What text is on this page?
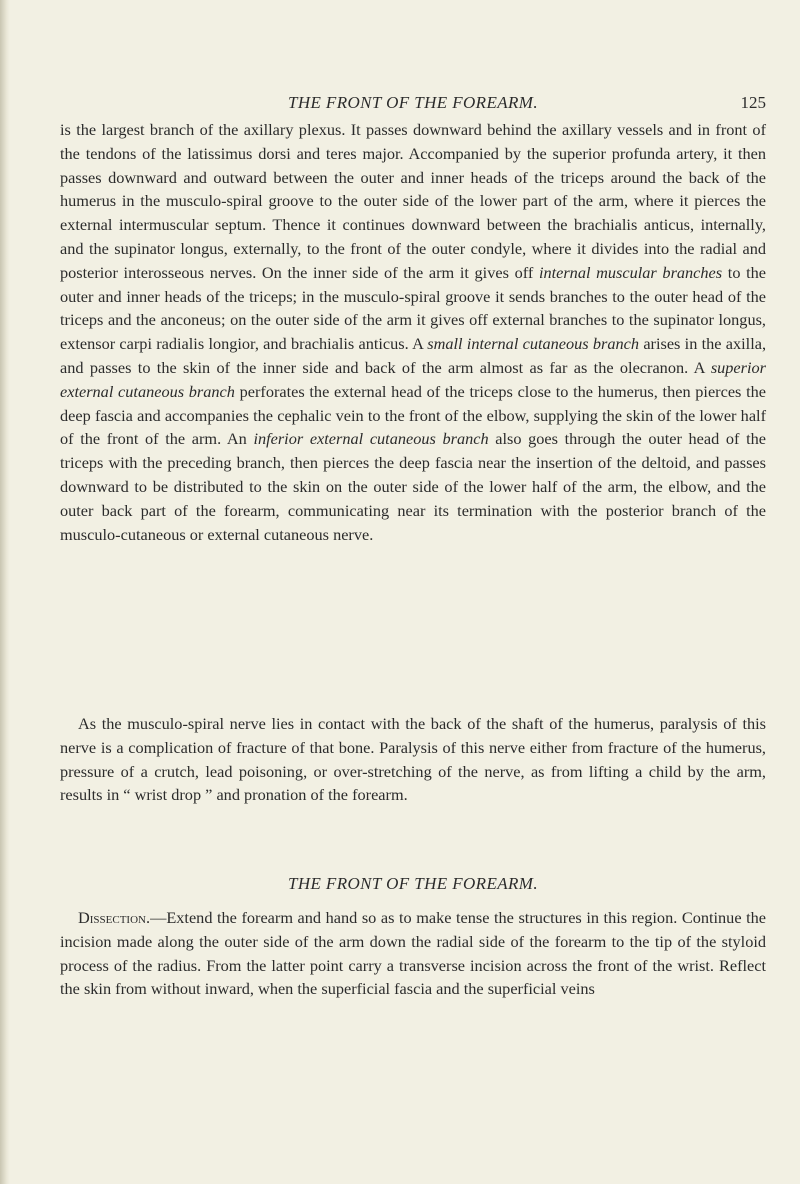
THE FRONT OF THE FOREARM.	125

is the largest branch of the axillary plexus. It passes downward behind the axillary vessels and in front of the tendons of the latissimus dorsi and teres major. Accompanied by the superior profunda artery, it then passes downward and outward between the outer and inner heads of the triceps around the back of the humerus in the musculo-spiral groove to the outer side of the lower part of the arm, where it pierces the external intermuscular septum. Thence it continues downward between the brachialis anticus, internally, and the supinator longus, externally, to the front of the outer condyle, where it divides into the radial and posterior interosseous nerves. On the inner side of the arm it gives off internal muscular branches to the outer and inner heads of the triceps; in the musculo-spiral groove it sends branches to the outer head of the triceps and the anconeus; on the outer side of the arm it gives off external branches to the supinator longus, extensor carpi radialis longior, and brachialis anticus. A small internal cutaneous branch arises in the axilla, and passes to the skin of the inner side and back of the arm almost as far as the olecranon. A superior external cutaneous branch perforates the external head of the triceps close to the humerus, then pierces the deep fascia and accompanies the cephalic vein to the front of the elbow, supplying the skin of the lower half of the front of the arm. An inferior external cutaneous branch also goes through the outer head of the triceps with the preceding branch, then pierces the deep fascia near the insertion of the deltoid, and passes downward to be distributed to the skin on the outer side of the lower half of the arm, the elbow, and the outer back part of the forearm, communicating near its termination with the posterior branch of the musculo-cutaneous or external cutaneous nerve.

As the musculo-spiral nerve lies in contact with the back of the shaft of the humerus, paralysis of this nerve is a complication of fracture of that bone. Paralysis of this nerve either from fracture of the humerus, pressure of a crutch, lead poisoning, or over-stretching of the nerve, as from lifting a child by the arm, results in “ wrist drop ” and pronation of the forearm.

THE FRONT OF THE FOREARM.

Dissection.—Extend the forearm and hand so as to make tense the structures in this region. Continue the incision made along the outer side of the arm down the radial side of the forearm to the tip of the styloid process of the radius. From the latter point carry a transverse incision across the front of the wrist. Reflect the skin from without inward, when the superficial fascia and the superficial veins
